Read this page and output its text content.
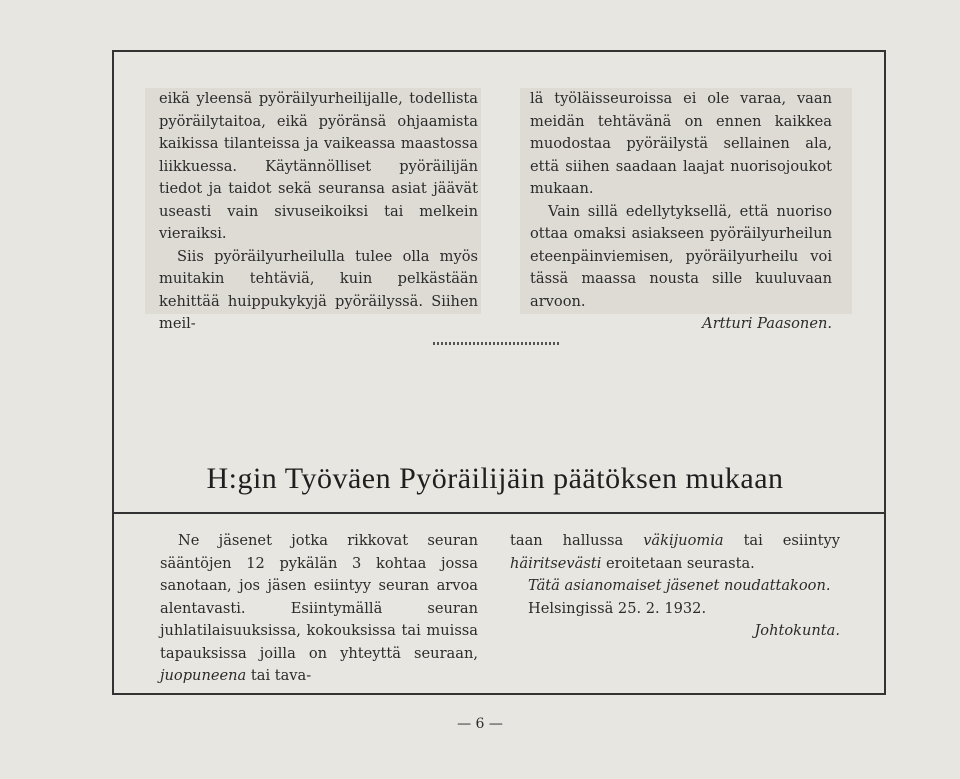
eikä yleensä pyöräilyurheilijalle, todellista pyöräilytaitoa, eikä pyöränsä ohjaamista kaikissa tilanteissa ja vaikeassa maastossa liikkuessa. Käytännölliset pyöräilijän tiedot ja taidot sekä seuransa asiat jäävät useasti vain sivuseikoiksi tai melkein vieraiksi.

Siis pyöräilyurheilulla tulee olla myös muitakin tehtäviä, kuin pelkästään kehittää huippukykyjä pyöräilyssä. Siihen meil-

lä työläisseuroissa ei ole varaa, vaan meidän tehtävänä on ennen kaikkea muodostaa pyöräilystä sellainen ala, että siihen saadaan laajat nuorisojoukot mukaan.

Vain sillä edellytyksellä, että nuoriso ottaa omaksi asiakseen pyöräilyurheilun eteenpäinviemisen, pyöräilyurheilu voi tässä maassa nousta sille kuuluvaan arvoon.

Artturi Paasonen.

H:gin Työväen Pyöräilijäin päätöksen mukaan

Ne jäsenet jotka rikkovat seuran sääntöjen 12 pykälän 3 kohtaa jossa sanotaan, jos jäsen esiintyy seuran arvoa alentavasti. Esiintymällä seuran juhlatilaisuuksissa, kokouksissa tai muissa tapauksissa joilla on yhteyttä seuraan, juopuneena tai tava-

taan hallussa väkijuomia tai esiintyy häiritsevästi eroitetaan seurasta.

Tätä asianomaiset jäsenet noudattakoon.

Helsingissä 25. 2. 1932.

Johtokunta.

— 6 —
